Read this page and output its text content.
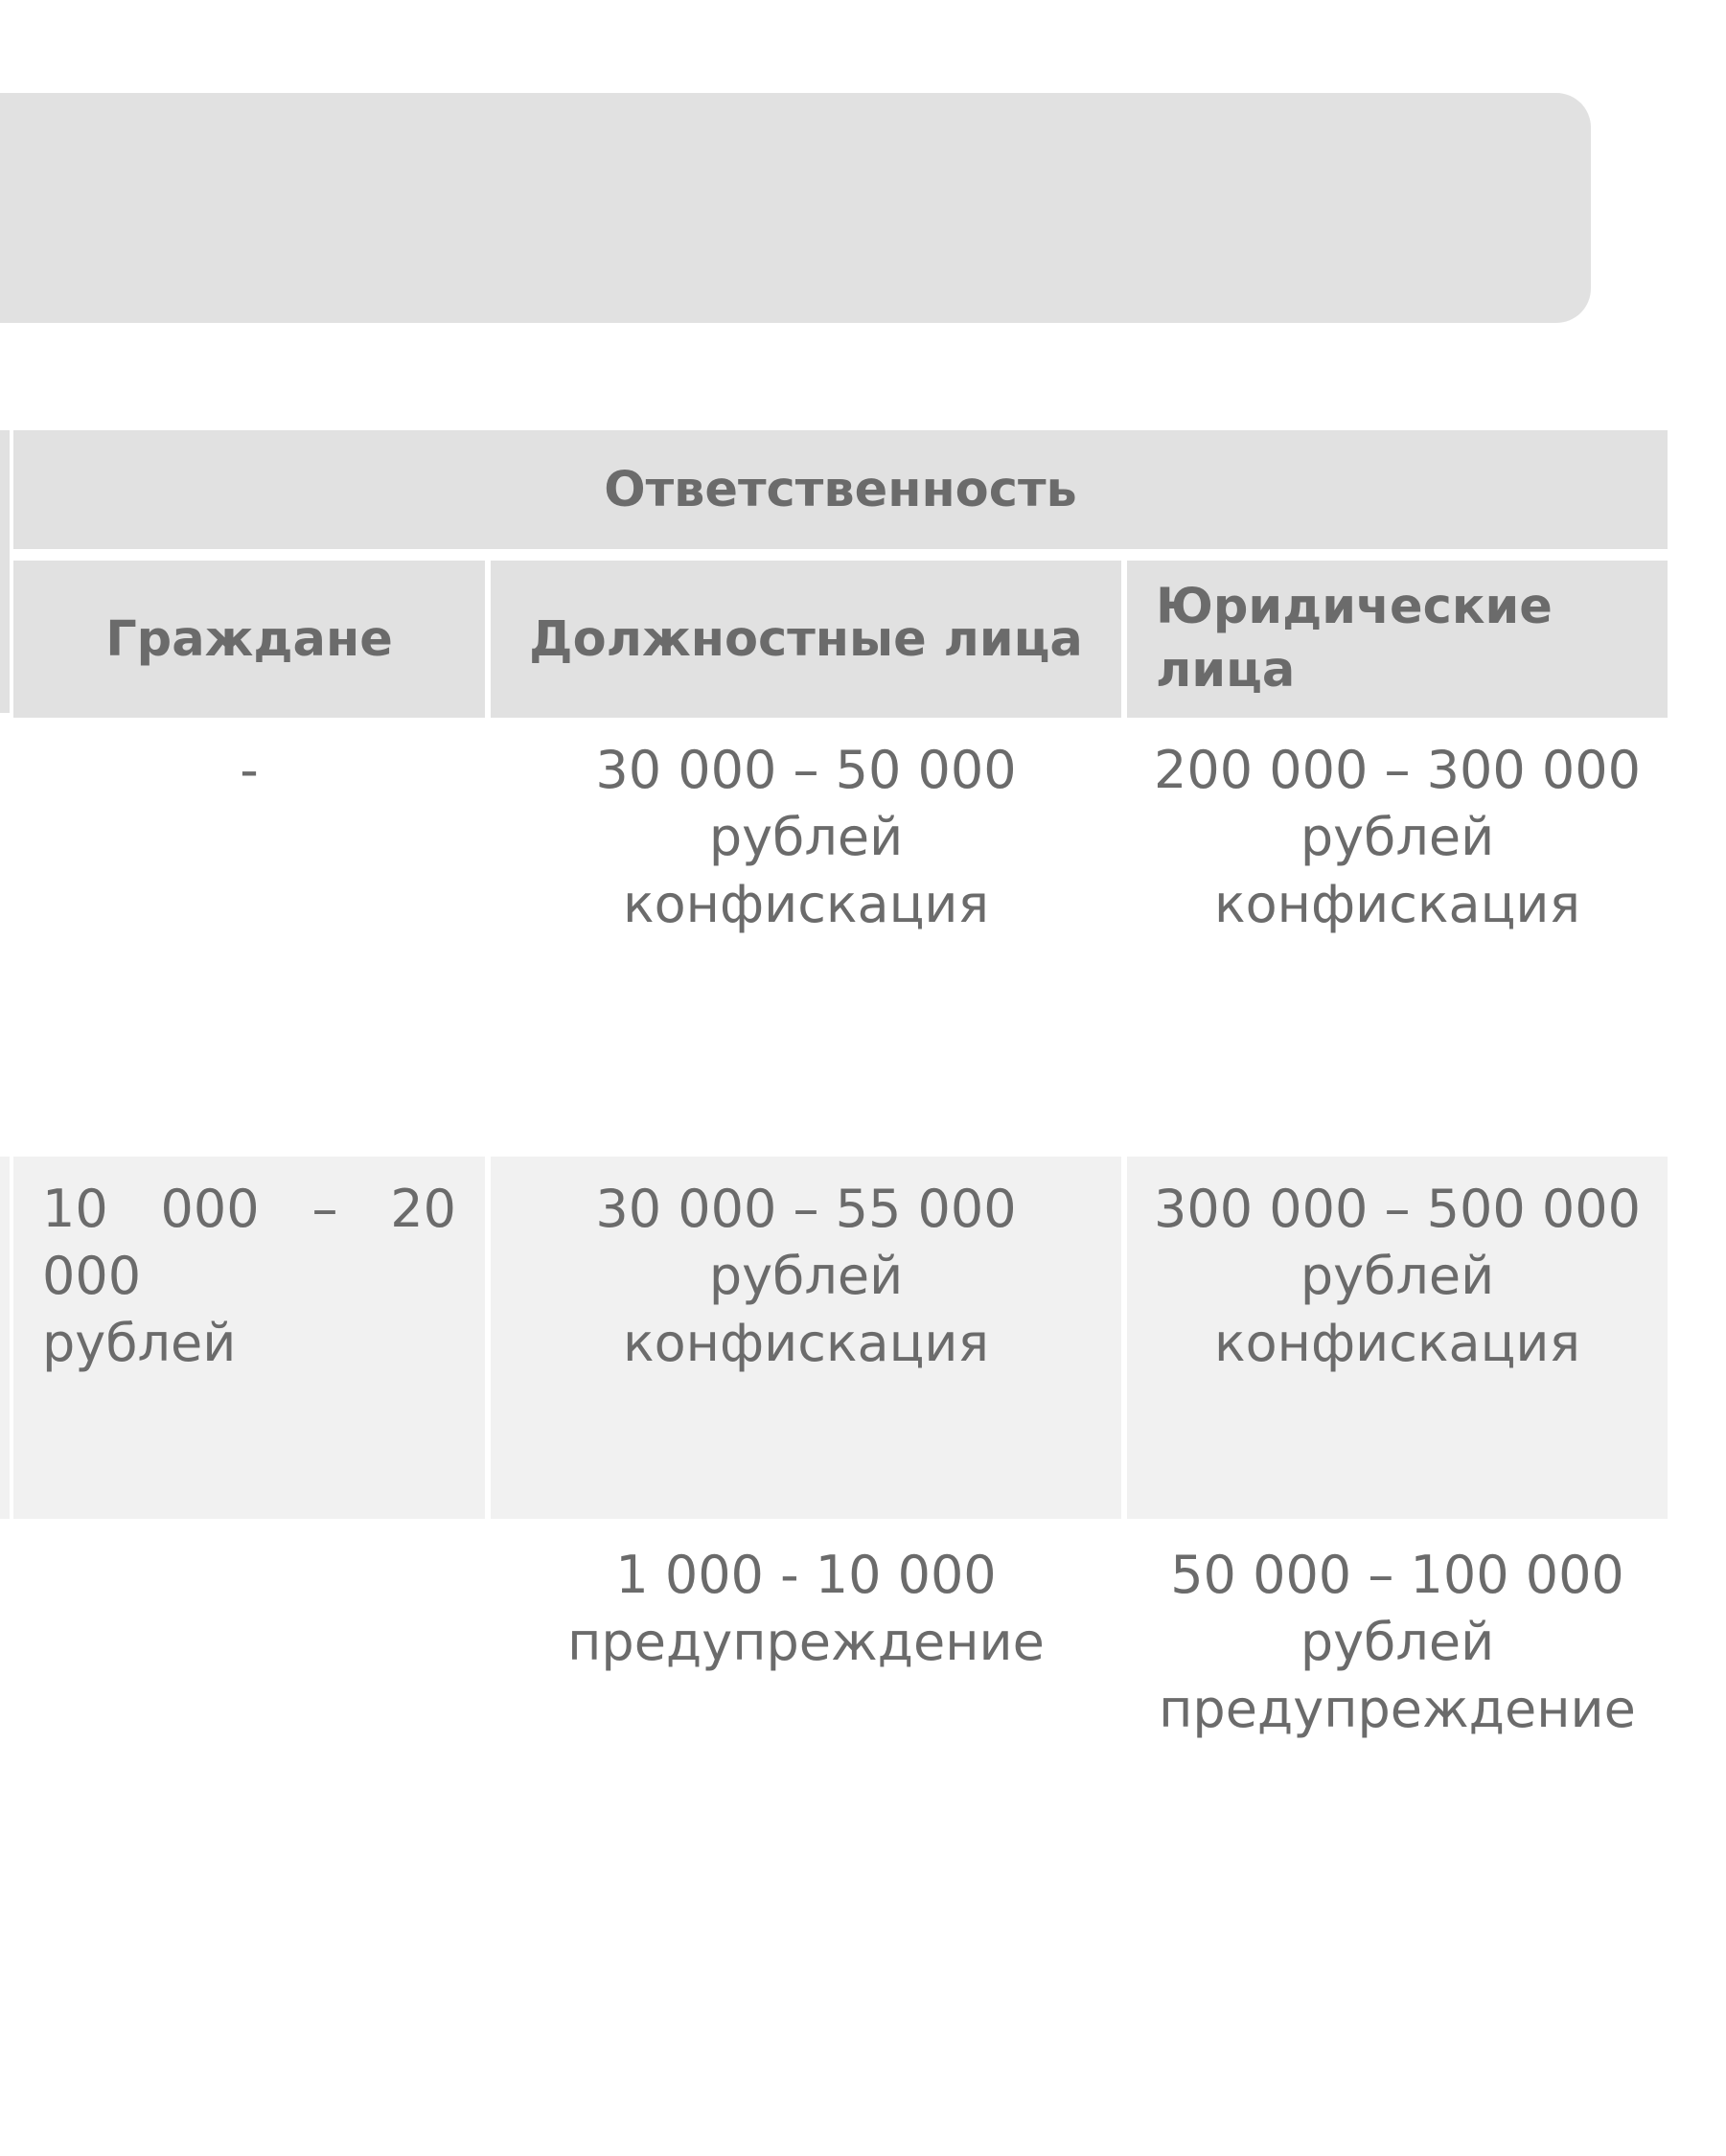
Ответственность
Граждане	Должностные лица
Юридические лица
-	30 000 – 50 000
рублей
конфискация
200 000 – 300 000
рублей
конфискация
10 000 – 20 000
рублей
30 000 – 55 000
рублей
конфискация
300 000 – 500 000
рублей
конфискация
1 000 - 10 000
предупреждение
50 000 – 100 000
рублей
предупреждение
